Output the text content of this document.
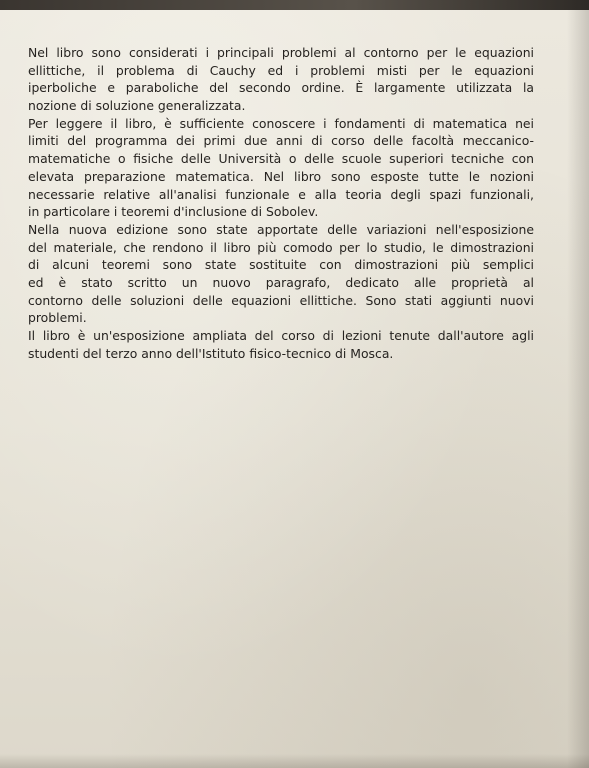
Nel libro sono considerati i principali problemi al contorno per le equazioni
ellittiche, il problema di Cauchy ed i problemi misti per le equazioni
iperboliche e paraboliche del secondo ordine. È largamente utilizzata la
nozione di soluzione generalizzata.

Per leggere il libro, è sufficiente conoscere i fondamenti di matematica nei
limiti del programma dei primi due anni di corso delle facoltà meccanico-
matematiche o fisiche delle Università o delle scuole superiori tecniche con
elevata preparazione matematica. Nel libro sono esposte tutte le nozioni
necessarie relative all'analisi funzionale e alla teoria degli spazi funzionali,
in particolare i teoremi d'inclusione di Sobolev.

Nella nuova edizione sono state apportate delle variazioni nell'esposizione
del materiale, che rendono il libro più comodo per lo studio, le dimostrazioni
di alcuni teoremi sono state sostituite con dimostrazioni più semplici
ed è stato scritto un nuovo paragrafo, dedicato alle proprietà al
contorno delle soluzioni delle equazioni ellittiche. Sono stati aggiunti nuovi
problemi.

Il libro è un'esposizione ampliata del corso di lezioni tenute dall'autore agli
studenti del terzo anno dell'Istituto fisico-tecnico di Mosca.
